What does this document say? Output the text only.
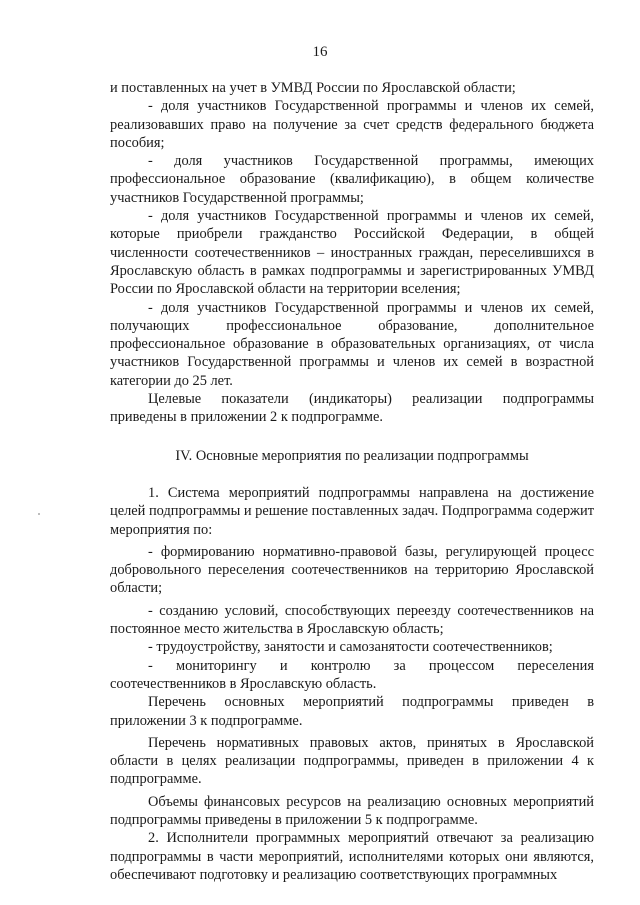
16

и поставленных на учет в УМВД России по Ярославской области;

- доля участников Государственной программы и членов их семей, реализовавших право на получение за счет средств федерального бюджета пособия;

- доля участников Государственной программы, имеющих профессиональное образование (квалификацию), в общем количестве участников Государственной программы;

- доля участников Государственной программы и членов их семей, которые приобрели гражданство Российской Федерации, в общей численности соотечественников – иностранных граждан, переселившихся в Ярославскую область в рамках подпрограммы и зарегистрированных УМВД России по Ярославской области на территории вселения;

- доля участников Государственной программы и членов их семей, получающих профессиональное образование, дополнительное профессиональное образование в образовательных организациях, от числа участников Государственной программы и членов их семей в возрастной категории до 25 лет.

Целевые показатели (индикаторы) реализации подпрограммы приведены в приложении 2 к подпрограмме.

IV. Основные мероприятия по реализации подпрограммы

1. Система мероприятий подпрограммы направлена на достижение целей подпрограммы и решение поставленных задач. Подпрограмма содержит мероприятия по:

- формированию нормативно-правовой базы, регулирующей процесс добровольного переселения соотечественников на территорию Ярославской области;

- созданию условий, способствующих переезду соотечественников на постоянное место жительства в Ярославскую область;

- трудоустройству, занятости и самозанятости соотечественников;

- мониторингу и контролю за процессом переселения соотечественников в Ярославскую область.

Перечень основных мероприятий подпрограммы приведен в приложении 3 к подпрограмме.

Перечень нормативных правовых актов, принятых в Ярославской области в целях реализации подпрограммы, приведен в приложении 4 к подпрограмме.

Объемы финансовых ресурсов на реализацию основных мероприятий подпрограммы приведены в приложении 5 к подпрограмме.

2. Исполнители программных мероприятий отвечают за реализацию подпрограммы в части мероприятий, исполнителями которых они являются, обеспечивают подготовку и реализацию соответствующих программных
